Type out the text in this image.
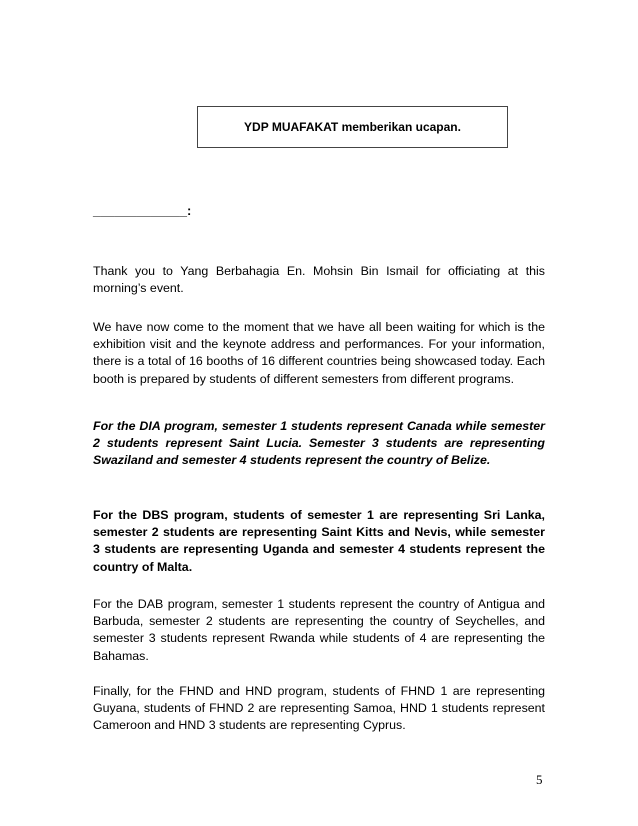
YDP MUAFAKAT memberikan ucapan.
_____________:

Thank you to Yang Berbahagia En. Mohsin Bin Ismail for officiating at this morning’s event.

We have now come to the moment that we have all been waiting for which is the exhibition visit and the keynote address and performances. For your information, there is a total of 16 booths of 16 different countries being showcased today. Each booth is prepared by students of different semesters from different programs.

For the DIA program, semester 1 students represent Canada while semester 2 students represent Saint Lucia. Semester 3 students are representing Swaziland and semester 4 students represent the country of Belize.

For the DBS program, students of semester 1 are representing Sri Lanka, semester 2 students are representing Saint Kitts and Nevis, while semester 3 students are representing Uganda and semester 4 students represent the country of Malta.

For the DAB program, semester 1 students represent the country of Antigua and Barbuda, semester 2 students are representing the country of Seychelles, and semester 3 students represent Rwanda while students of 4 are representing the Bahamas.

Finally, for the FHND and HND program, students of FHND 1 are representing Guyana, students of FHND 2 are representing Samoa, HND 1 students represent Cameroon and HND 3 students are representing Cyprus.

5
